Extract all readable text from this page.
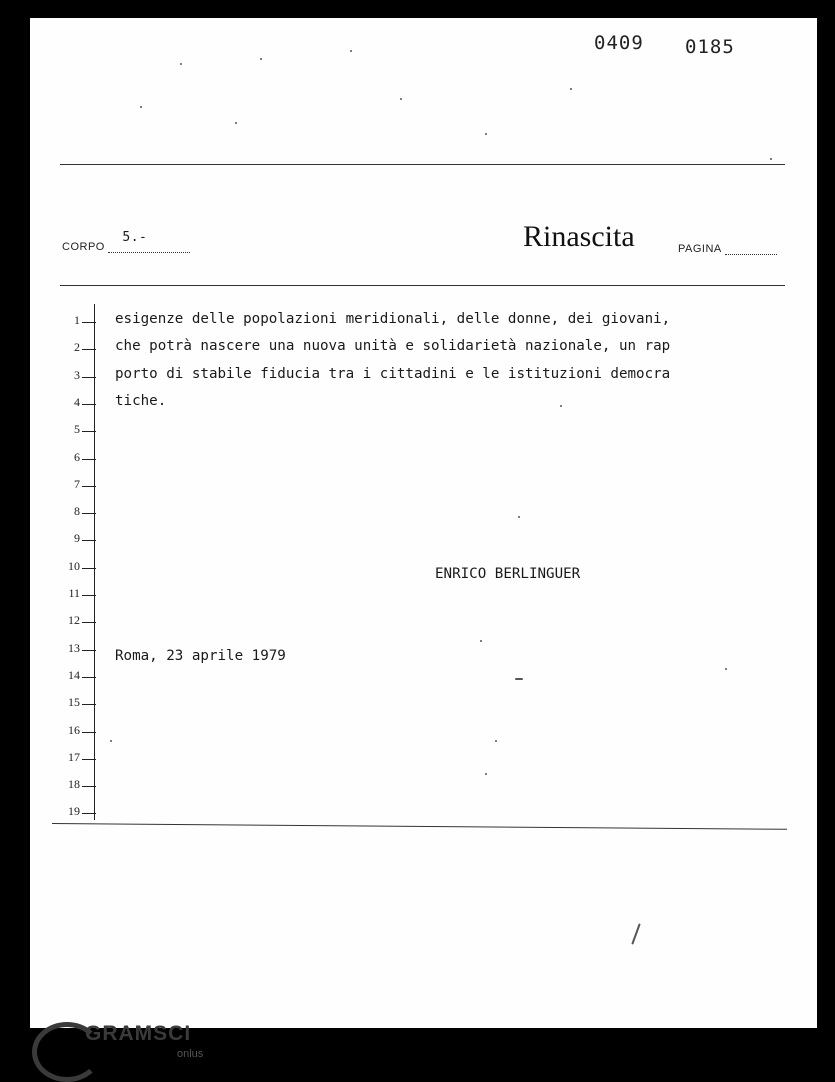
0409 0185
CORPO
5.-	Rinascita	PAGINA
1
2
3
4
5
6
7
8
9
10
11
12
13
14
15
16
17
18
19
esigenze delle popolazioni meridionali, delle donne, dei giovani,
che potrà nascere una nuova unità e solidarietà nazionale, un rap
porto di stabile fiducia tra i cittadini e le istituzioni democra
tiche.
ENRICO BERLINGUER
Roma, 23 aprile 1979
GRAMSCI
onlus
